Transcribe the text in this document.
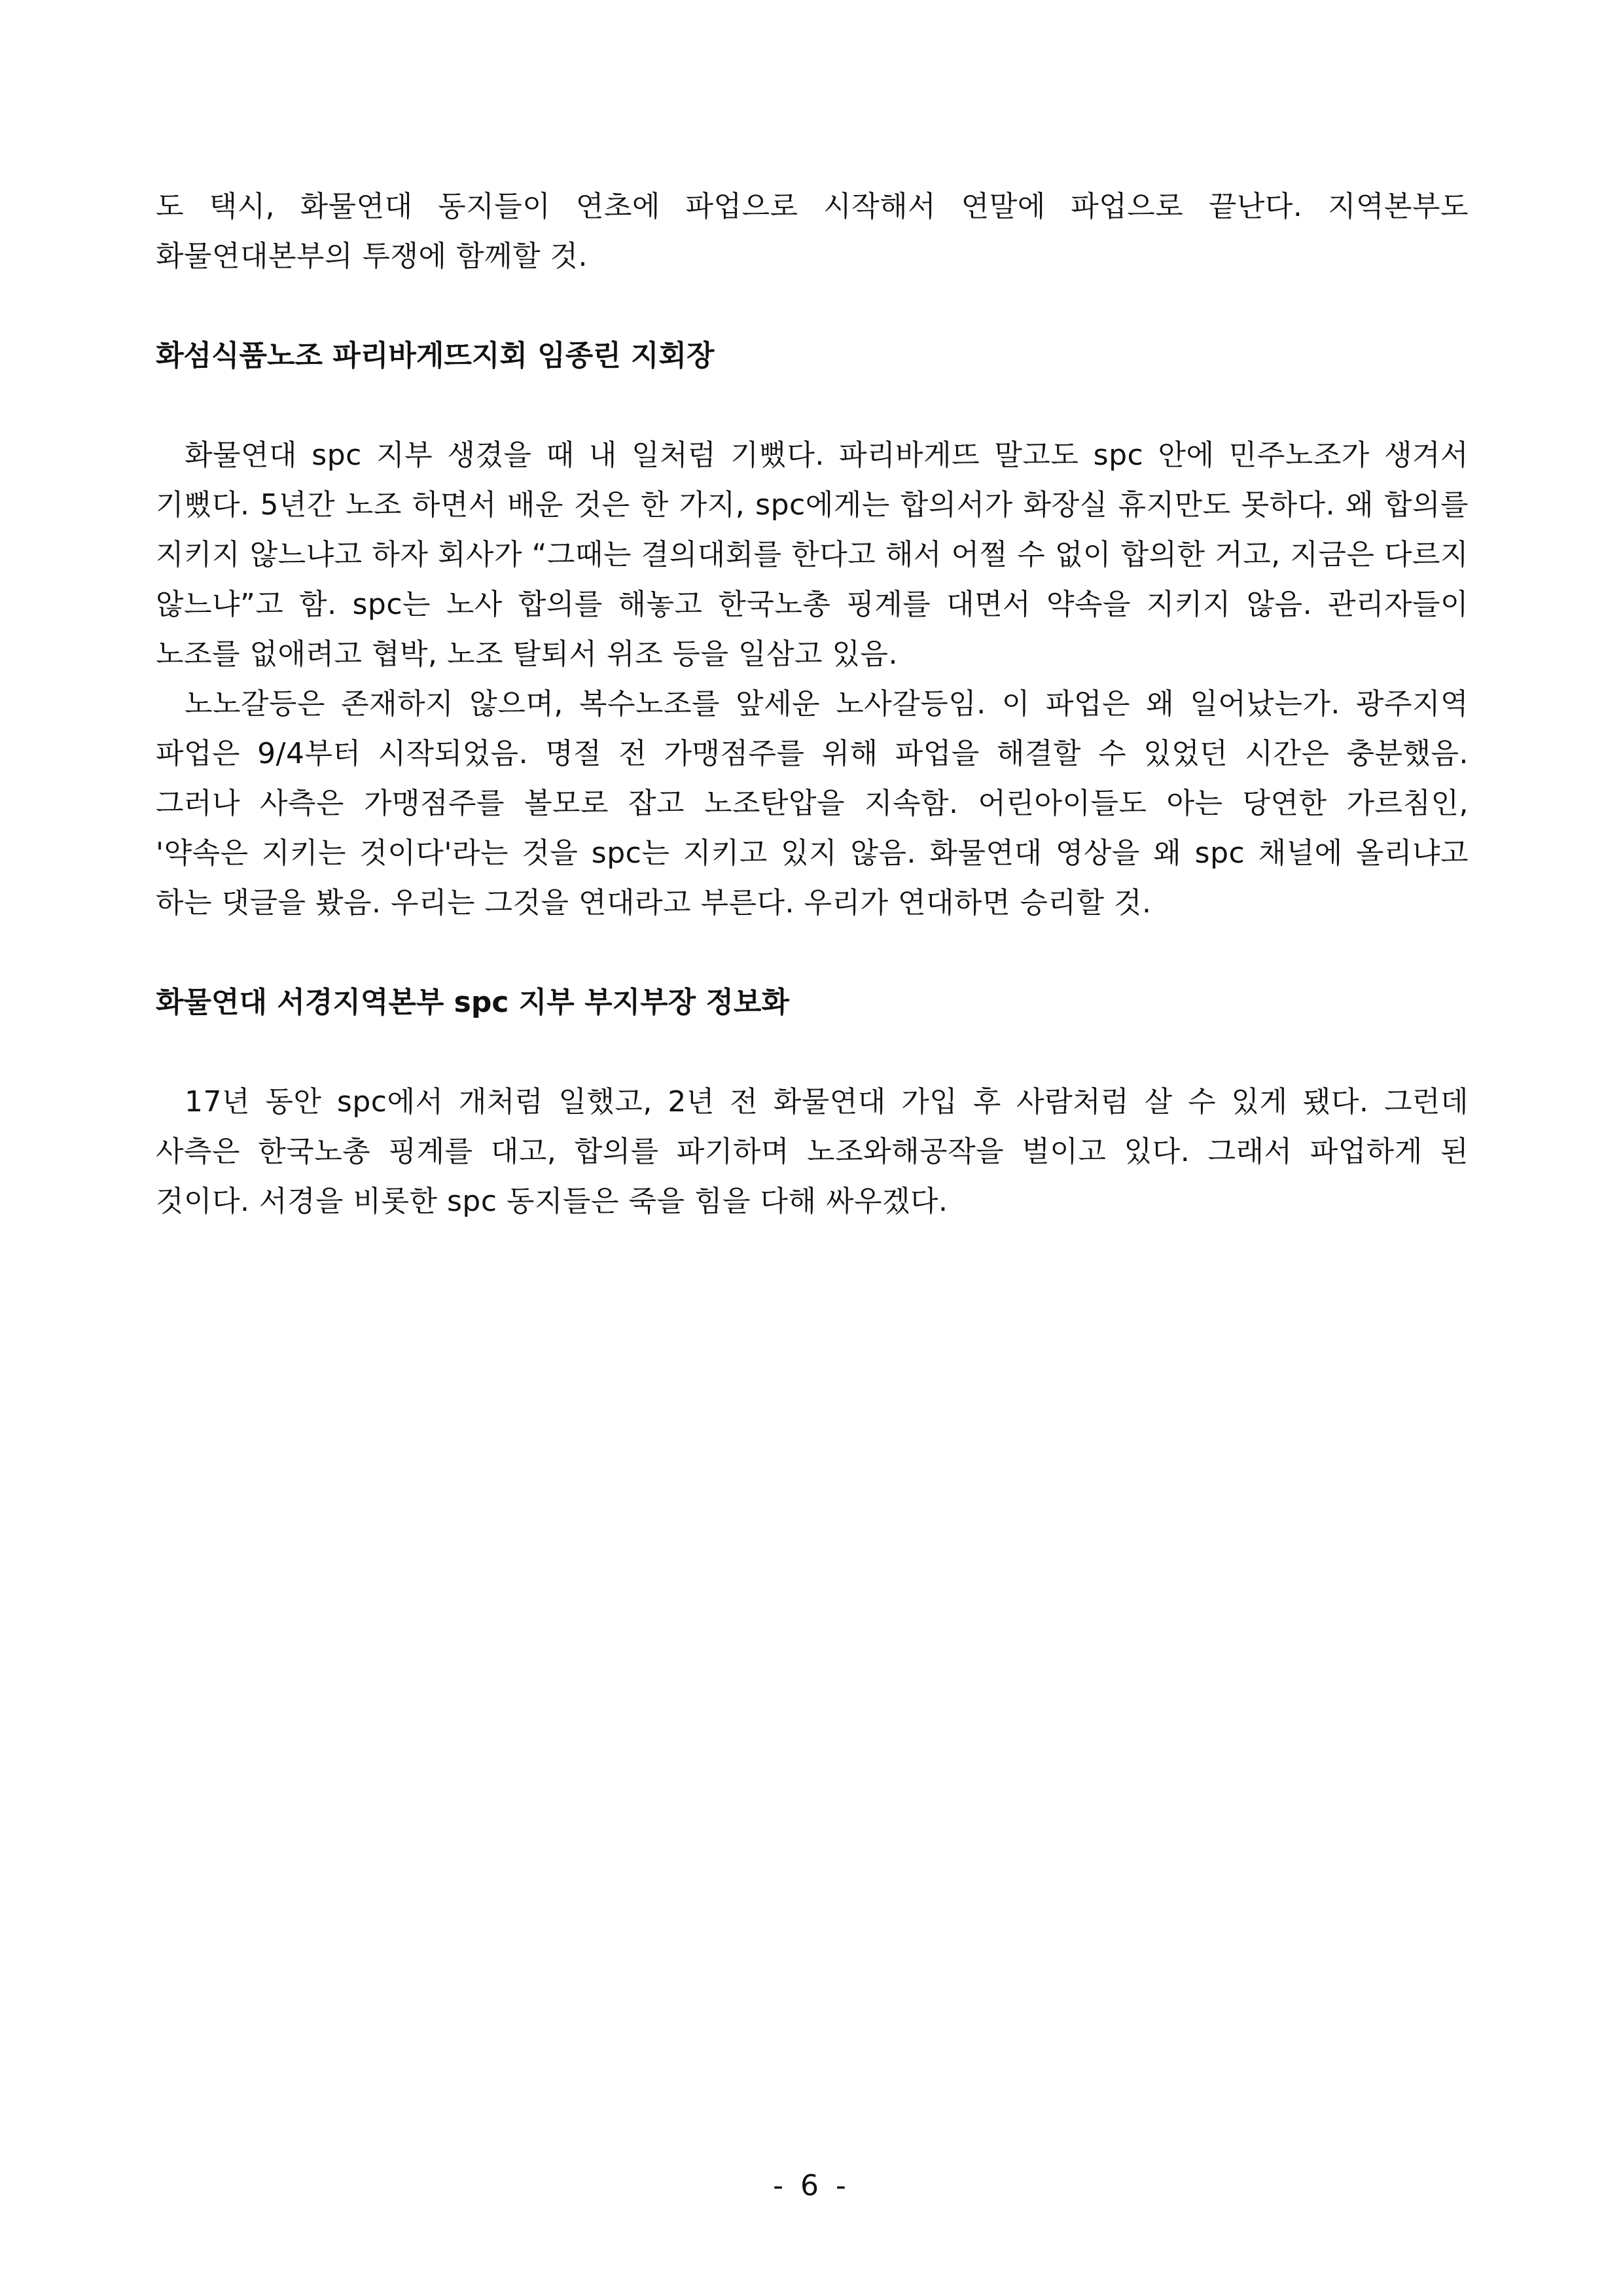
도 택시, 화물연대 동지들이 연초에 파업으로 시작해서 연말에 파업으로 끝난다. 지역본부도 화물연대본부의 투쟁에 함께할 것.

화섬식품노조 파리바게뜨지회 임종린 지회장

화물연대 spc 지부 생겼을 때 내 일처럼 기뻤다. 파리바게뜨 말고도 spc 안에 민주노조가 생겨서 기뻤다. 5년간 노조 하면서 배운 것은 한 가지, spc에게는 합의서가 화장실 휴지만도 못하다. 왜 합의를 지키지 않느냐고 하자 회사가 “그때는 결의대회를 한다고 해서 어쩔 수 없이 합의한 거고, 지금은 다르지 않느냐”고 함. spc는 노사 합의를 해놓고 한국노총 핑계를 대면서 약속을 지키지 않음. 관리자들이 노조를 없애려고 협박, 노조 탈퇴서 위조 등을 일삼고 있음.

노노갈등은 존재하지 않으며, 복수노조를 앞세운 노사갈등임. 이 파업은 왜 일어났는가. 광주지역 파업은 9/4부터 시작되었음. 명절 전 가맹점주를 위해 파업을 해결할 수 있었던 시간은 충분했음. 그러나 사측은 가맹점주를 볼모로 잡고 노조탄압을 지속함. 어린아이들도 아는 당연한 가르침인, '약속은 지키는 것이다'라는 것을 spc는 지키고 있지 않음. 화물연대 영상을 왜 spc 채널에 올리냐고 하는 댓글을 봤음. 우리는 그것을 연대라고 부른다. 우리가 연대하면 승리할 것.

화물연대 서경지역본부 spc 지부 부지부장 정보화

17년 동안 spc에서 개처럼 일했고, 2년 전 화물연대 가입 후 사람처럼 살 수 있게 됐다. 그런데 사측은 한국노총 핑계를 대고, 합의를 파기하며 노조와해공작을 벌이고 있다. 그래서 파업하게 된 것이다. 서경을 비롯한 spc 동지들은 죽을 힘을 다해 싸우겠다.

- 6 -
